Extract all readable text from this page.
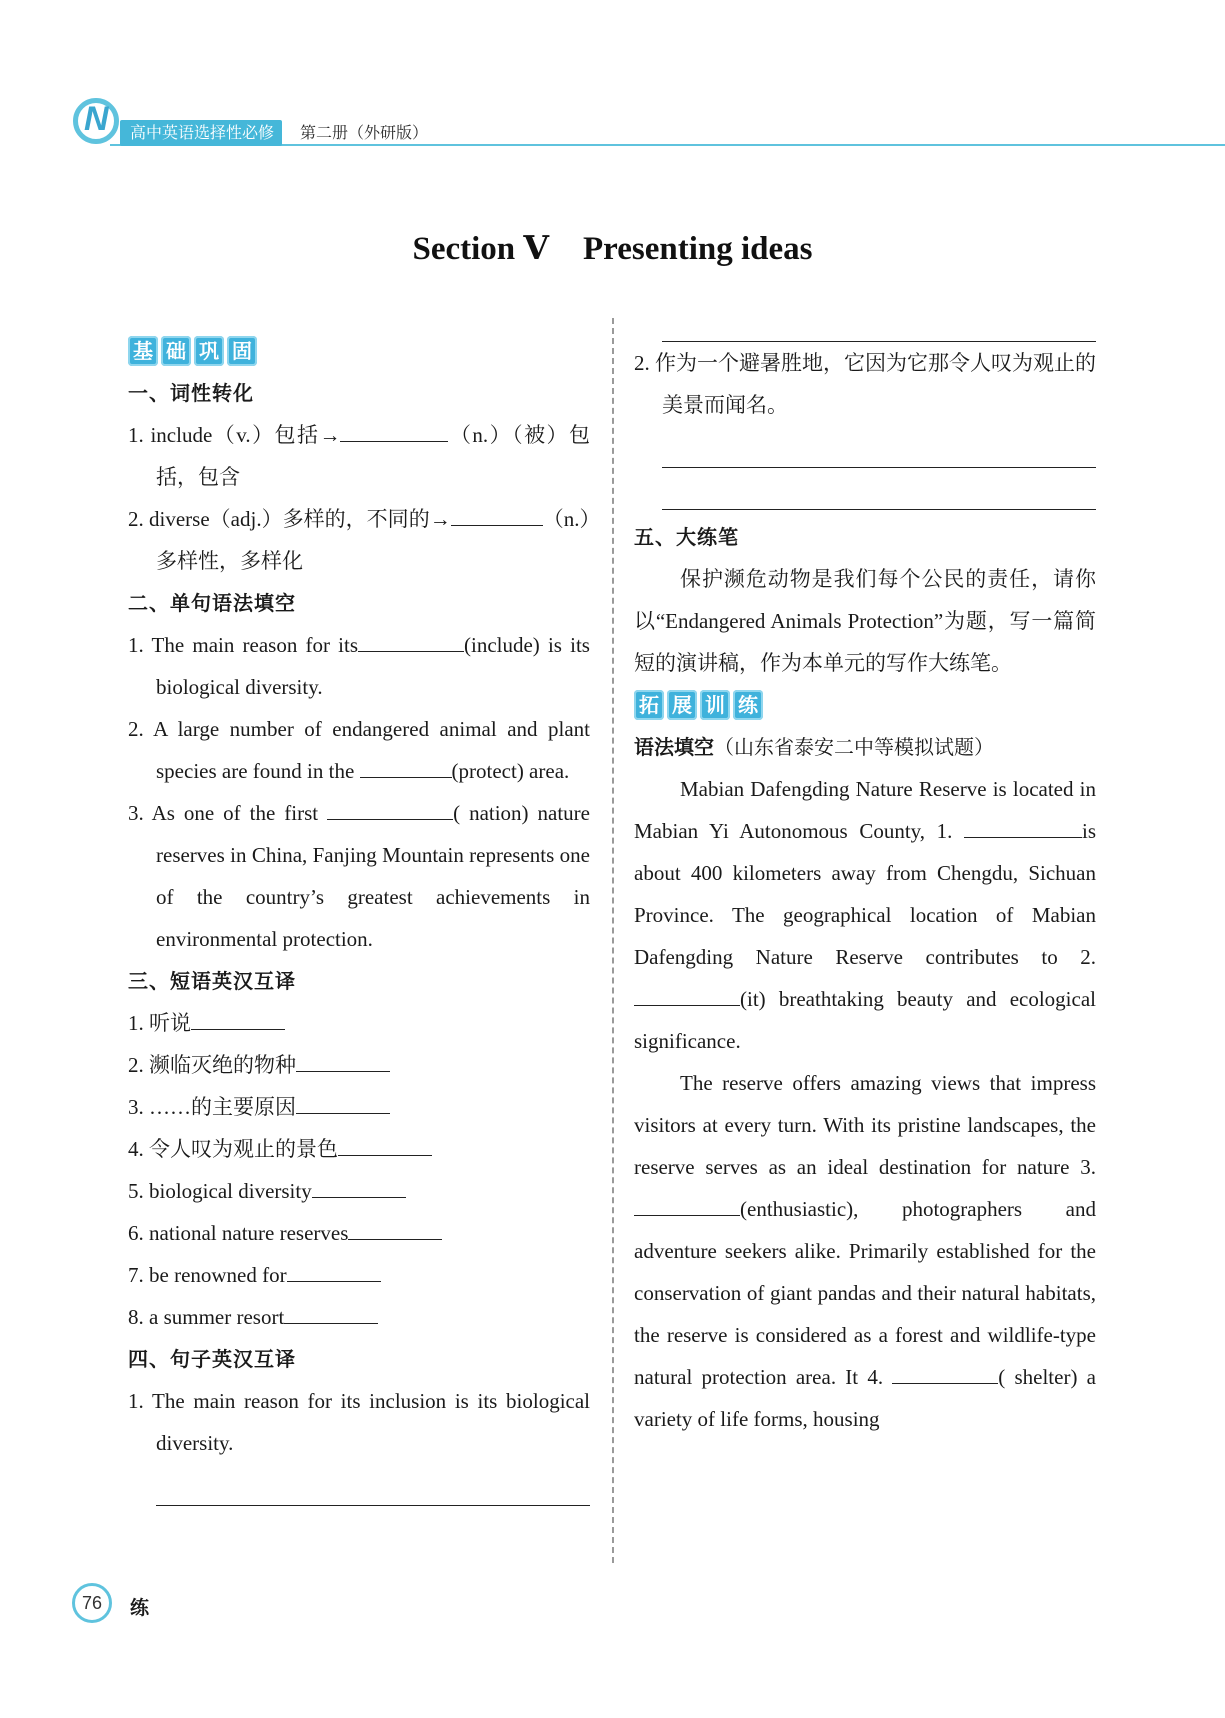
N	高中英语选择性必修	第二册（外研版）
Section Ⅴ Presenting ideas
基 础 巩 固
一、词性转化
1. include（v.）包括→	（n.）（被）包括，包含
2. diverse（adj.）多样的，不同的→	（n.）多样性，多样化
二、单句语法填空
1. The main reason for its	(include) is its biological diversity.
2. A large number of endangered animal and plant species are found in the	(protect) area.
3. As one of the first	( nation) nature reserves in China, Fanjing Mountain represents one of the country’s greatest achievements in environmental protection.
三、短语英汉互译
1. 听说
2. 濒临灭绝的物种
3. ……的主要原因
4. 令人叹为观止的景色
5. biological diversity
6. national nature reserves
7. be renowned for
8. a summer resort
四、句子英汉互译
1. The main reason for its inclusion is its biological diversity.
2. 作为一个避暑胜地，它因为它那令人叹为观止的美景而闻名。
五、大练笔
保护濒危动物是我们每个公民的责任，请你以“Endangered Animals Protection”为题，写一篇简短的演讲稿，作为本单元的写作大练笔。
拓 展 训 练
语法填空（山东省泰安二中等模拟试题）
Mabian Dafengding Nature Reserve is located in Mabian Yi Autonomous County, 1.	is about 400 kilometers away from Chengdu, Sichuan Province. The geographical location of Mabian Dafengding Nature Reserve contributes to 2. (it) breathtaking beauty and ecological significance.
The reserve offers amazing views that impress visitors at every turn. With its pristine landscapes, the reserve serves as an ideal destination for nature 3. (enthusiastic), photographers and adventure seekers alike. Primarily established for the conservation of giant pandas and their natural habitats, the reserve is considered as a forest and wildlife-type natural protection area. It 4.	( shelter) a variety of life forms, housing
76	练
